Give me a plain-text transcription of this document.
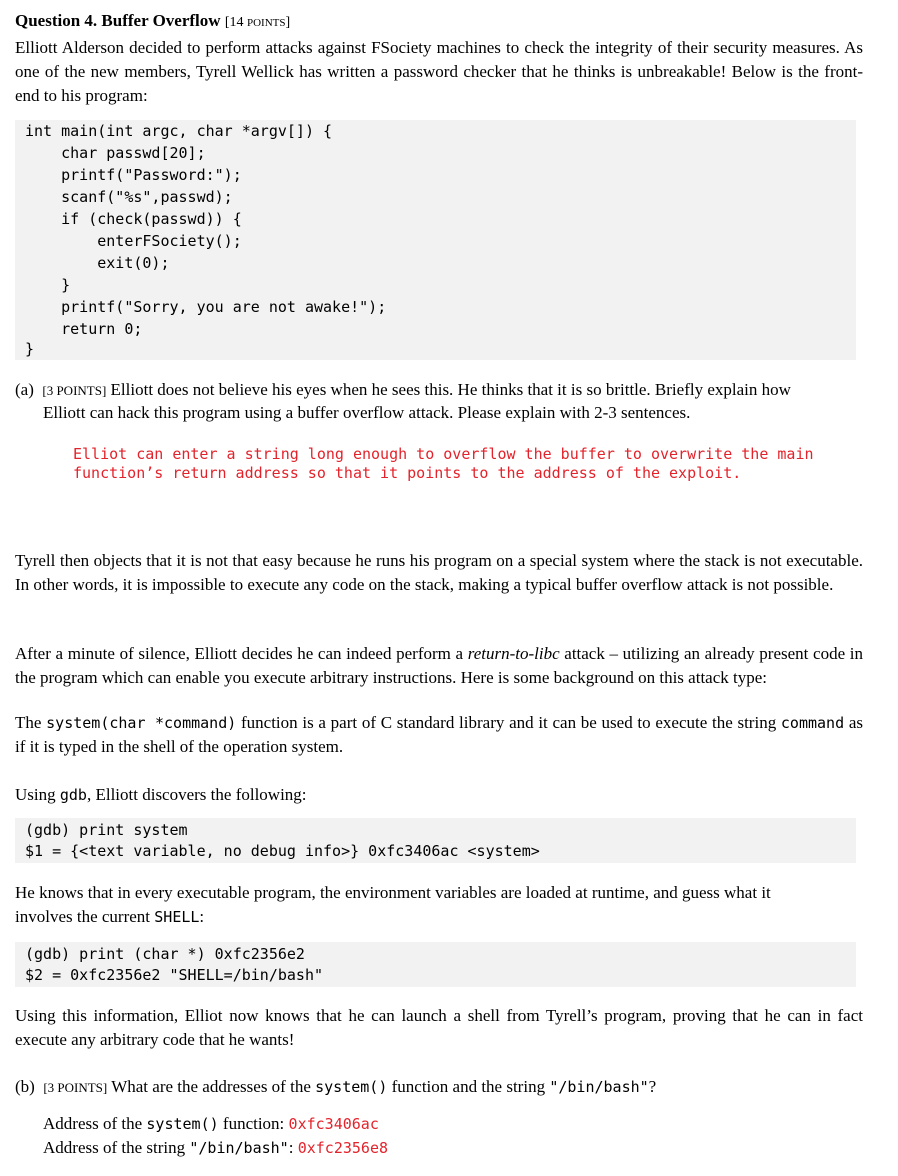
Question 4. Buffer Overflow [14 POINTS]
Elliott Alderson decided to perform attacks against FSociety machines to check the integrity of their security measures. As one of the new members, Tyrell Wellick has written a password checker that he thinks is unbreakable! Below is the front-end to his program:
int main(int argc, char *argv[]) {
char passwd[20];
printf("Password:");
scanf("%s",passwd);
if (check(passwd)) {
enterFSociety();
exit(0);
}
printf("Sorry, you are not awake!");
return 0;
}
(a) [3 POINTS] Elliott does not believe his eyes when he sees this. He thinks that it is so brittle. Briefly explain how
Elliott can hack this program using a buffer overflow attack. Please explain with 2-3 sentences.
Elliot can enter a string long enough to overflow the buffer to overwrite the main
function’s return address so that it points to the address of the exploit.
Tyrell then objects that it is not that easy because he runs his program on a special system where the stack is not executable. In other words, it is impossible to execute any code on the stack, making a typical buffer overflow attack is not possible.
After a minute of silence, Elliott decides he can indeed perform a return-to-libc attack – utilizing an already present code in the program which can enable you execute arbitrary instructions. Here is some background on this attack type:
The system(char *command) function is a part of C standard library and it can be used to execute the string command as if it is typed in the shell of the operation system.
Using gdb, Elliott discovers the following:
(gdb) print system
$1 = {<text variable, no debug info>} 0xfc3406ac <system>
He knows that in every executable program, the environment variables are loaded at runtime, and guess what it
involves the current SHELL:
(gdb) print (char *) 0xfc2356e2
$2 = 0xfc2356e2 "SHELL=/bin/bash"
Using this information, Elliot now knows that he can launch a shell from Tyrell’s program, proving that he can in fact execute any arbitrary code that he wants!
(b) [3 POINTS] What are the addresses of the system() function and the string "/bin/bash"?
Address of the system() function: 0xfc3406ac
Address of the string "/bin/bash": 0xfc2356e8
